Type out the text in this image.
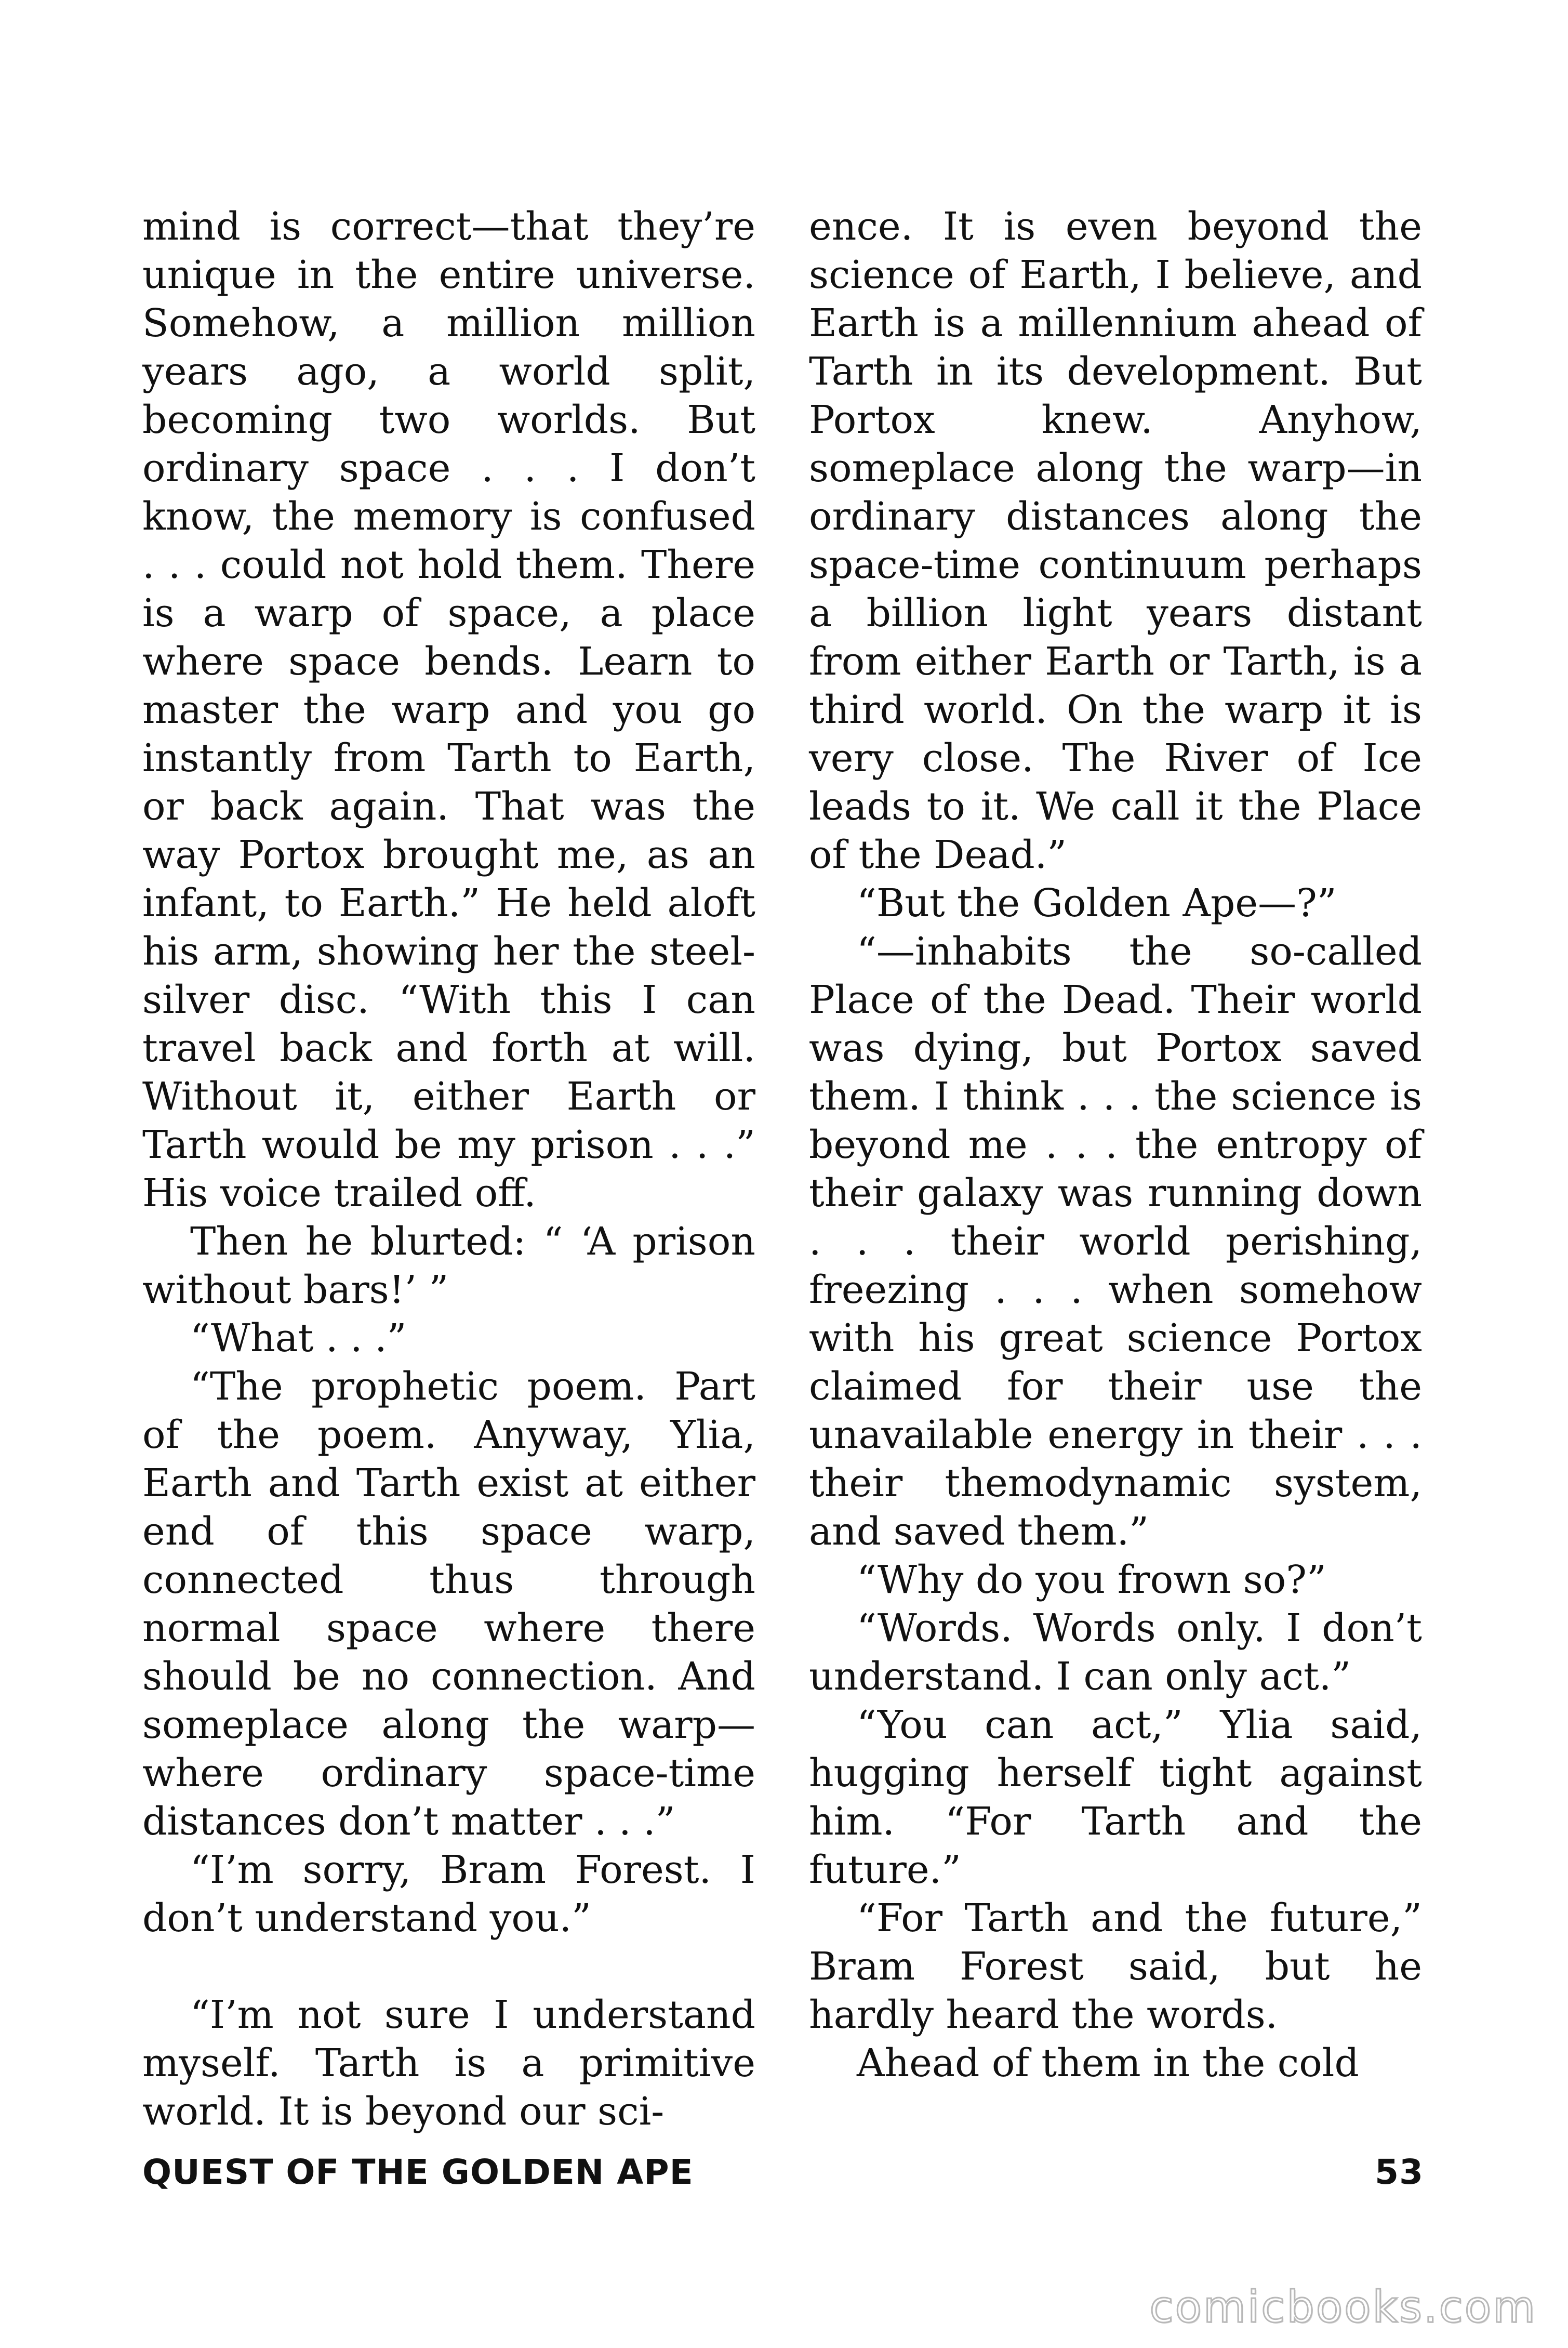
mind is correct—that they’re unique in the entire universe. Somehow, a million million years ago, a world split, becoming two worlds. But ordinary space . . . I don’t know, the memory is confused . . . could not hold them. There is a warp of space, a place where space bends. Learn to master the warp and you go instantly from Tarth to Earth, or back again. That was the way Portox brought me, as an infant, to Earth.” He held aloft his arm, showing her the steel-silver disc. “With this I can travel back and forth at will. Without it, either Earth or Tarth would be my prison . . .” His voice trailed off.

Then he blurted: “ ‘A prison without bars!’ ”

“What . . .”

“The prophetic poem. Part of the poem. Anyway, Ylia, Earth and Tarth exist at either end of this space warp, connected thus through normal space where there should be no connection. And someplace along the warp—where ordinary space-time distances don’t matter . . .”

“I’m sorry, Bram Forest. I don’t understand you.”

“I’m not sure I understand myself. Tarth is a primitive world. It is beyond our sci-

ence. It is even beyond the science of Earth, I believe, and Earth is a millennium ahead of Tarth in its development. But Portox knew. Anyhow, someplace along the warp—in ordinary distances along the space-time continuum perhaps a billion light years distant from either Earth or Tarth, is a third world. On the warp it is very close. The River of Ice leads to it. We call it the Place of the Dead.”

“But the Golden Ape—?”

“—inhabits the so-called Place of the Dead. Their world was dying, but Portox saved them. I think . . . the science is beyond me . . . the entropy of their galaxy was running down . . . their world perishing, freezing . . . when somehow with his great science Portox claimed for their use the unavailable energy in their . . . their themodynamic system, and saved them.”

“Why do you frown so?”

“Words. Words only. I don’t understand. I can only act.”

“You can act,” Ylia said, hugging herself tight against him. “For Tarth and the future.”

“For Tarth and the future,” Bram Forest said, but he hardly heard the words.

Ahead of them in the cold

QUEST OF THE GOLDEN APE	53
comicbooks.com
